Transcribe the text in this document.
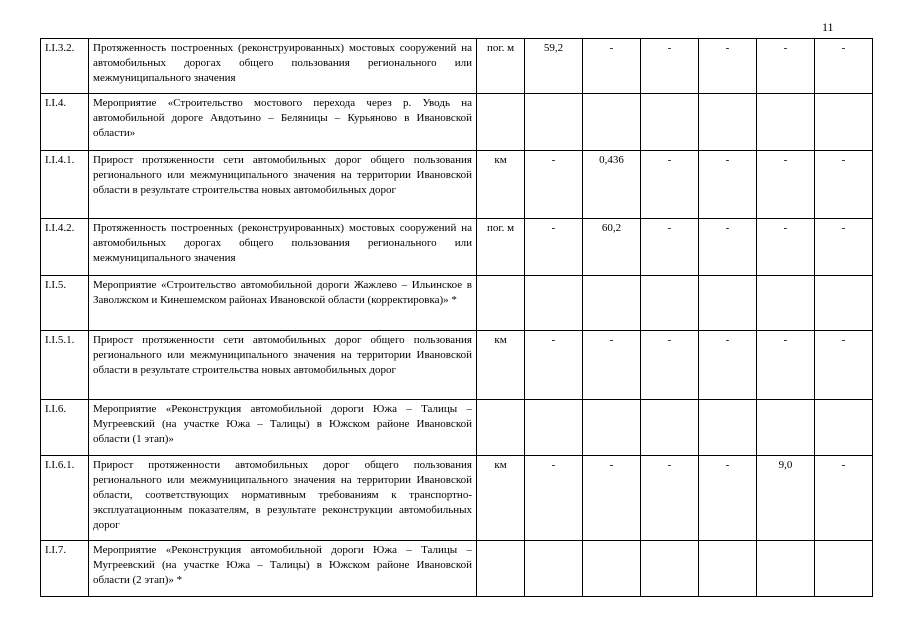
11
I.I.3.2.	Протяженность построенных (реконструированных) мостовых сооружений на автомобильных дорогах общего пользования регионального или межмуниципального значения	пог. м	59,2	-	-	-	-	-
I.I.4.	Мероприятие «Строительство мостового перехода через р. Уводь на автомобильной дороге Авдотьино – Беляницы – Курьяново в Ивановской области»							
I.I.4.1.	Прирост протяженности сети автомобильных дорог общего пользования регионального или межмуниципального значения на территории Ивановской области в результате строительства новых автомобильных дорог	км	-	0,436	-	-	-	-
I.I.4.2.	Протяженность построенных (реконструированных) мостовых сооружений на автомобильных дорогах общего пользования регионального или межмуниципального значения	пог. м	-	60,2	-	-	-	-
I.I.5.	Мероприятие «Строительство автомобильной дороги Жажлево – Ильинское в Заволжском и Кинешемском районах Ивановской области (корректировка)» *							
I.I.5.1.	Прирост протяженности сети автомобильных дорог общего пользования регионального или межмуниципального значения на территории Ивановской области в результате строительства новых автомобильных дорог	км	-	-	-	-	-	-
I.I.6.	Мероприятие «Реконструкция автомобильной дороги Южа – Талицы – Мугреевский (на участке Южа – Талицы) в Южском районе Ивановской области (1 этап)»							
I.I.6.1.	Прирост протяженности автомобильных дорог общего пользования регионального или межмуниципального значения на территории Ивановской области, соответствующих нормативным требованиям к транспортно-эксплуатационным показателям, в результате реконструкции автомобильных дорог	км	-	-	-	-	9,0	-
I.I.7.	Мероприятие «Реконструкция автомобильной дороги Южа – Талицы – Мугреевский (на участке Южа – Талицы) в Южском районе Ивановской области (2 этап)» *							
